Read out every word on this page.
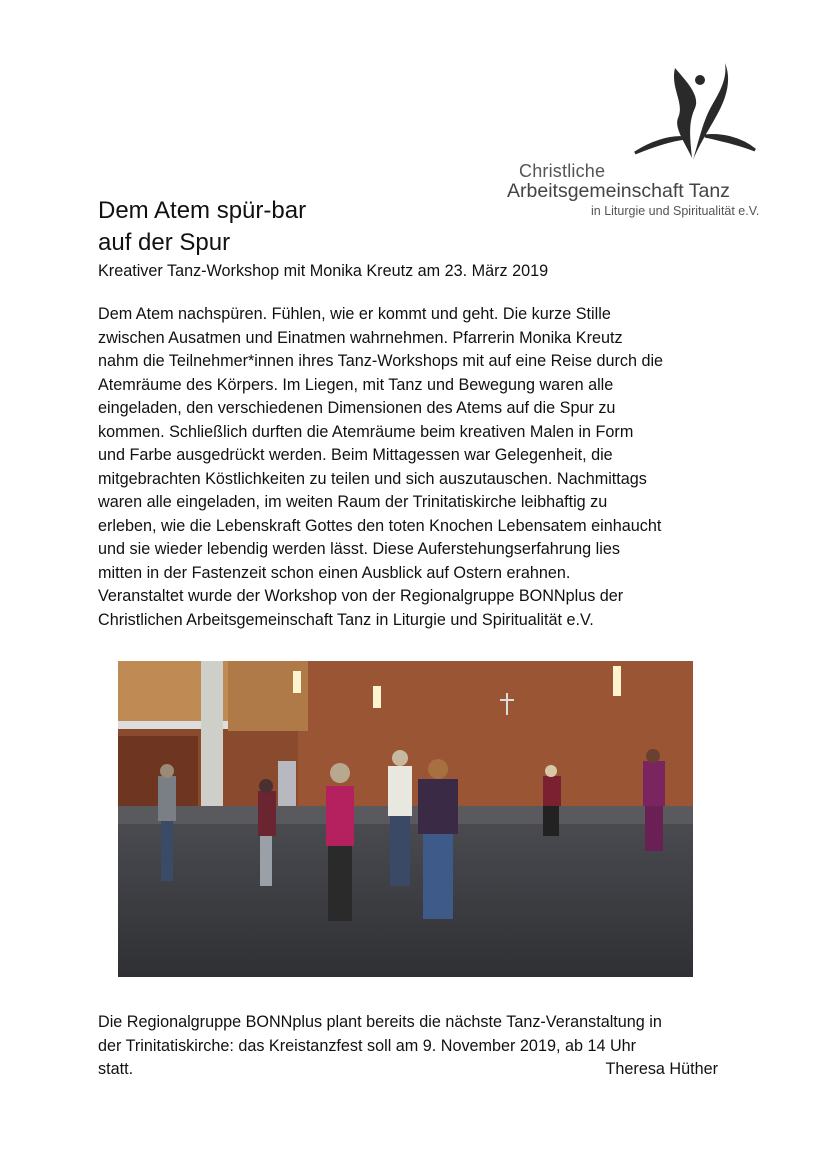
Christliche
Arbeitsgemeinschaft Tanz
in Liturgie und Spiritualität e.V.
Dem Atem spür-bar
auf der Spur
Kreativer Tanz-Workshop mit Monika Kreutz am 23. März 2019
Dem Atem nachspüren. Fühlen, wie er kommt und geht. Die kurze Stille
zwischen Ausatmen und Einatmen wahrnehmen. Pfarrerin Monika Kreutz
nahm die Teilnehmer*innen ihres Tanz-Workshops mit auf eine Reise durch die
Atemräume des Körpers. Im Liegen, mit Tanz und Bewegung waren alle
eingeladen, den verschiedenen Dimensionen des Atems auf die Spur zu
kommen. Schließlich durften die Atemräume beim kreativen Malen in Form
und Farbe ausgedrückt werden. Beim Mittagessen war Gelegenheit, die
mitgebrachten Köstlichkeiten zu teilen und sich auszutauschen. Nachmittags
waren alle eingeladen, im weiten Raum der Trinitatiskirche leibhaftig zu
erleben, wie die Lebenskraft Gottes den toten Knochen Lebensatem einhaucht
und sie wieder lebendig werden lässt. Diese Auferstehungserfahrung lies
mitten in der Fastenzeit schon einen Ausblick auf Ostern erahnen.
Veranstaltet wurde der Workshop von der Regionalgruppe BONNplus der
Christlichen Arbeitsgemeinschaft Tanz in Liturgie und Spiritualität e.V.
Die Regionalgruppe BONNplus plant bereits die nächste Tanz-Veranstaltung in
der Trinitatiskirche: das Kreistanzfest soll am 9. November 2019, ab 14 Uhr
statt.	Theresa Hüther
